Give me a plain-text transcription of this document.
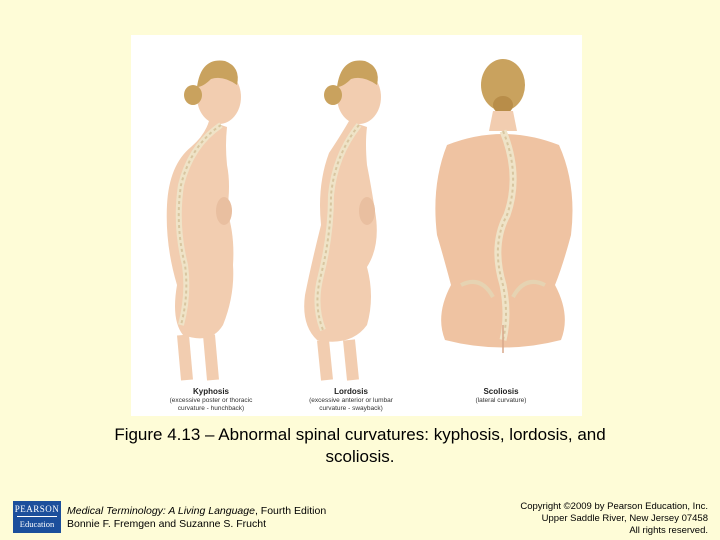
Kyphosis
(excessive poster or thoracic
curvature - hunchback)
Lordosis
(excessive anterior or lumbar
curvature - swayback)
Scoliosis
(lateral curvature)
Figure 4.13 – Abnormal spinal curvatures: kyphosis, lordosis, and
scoliosis.
PEARSON
Education
Medical Terminology: A Living Language, Fourth Edition
Bonnie F. Fremgen and Suzanne S. Frucht
Copyright ©2009 by Pearson Education, Inc.
Upper Saddle River, New Jersey 07458
All rights reserved.
